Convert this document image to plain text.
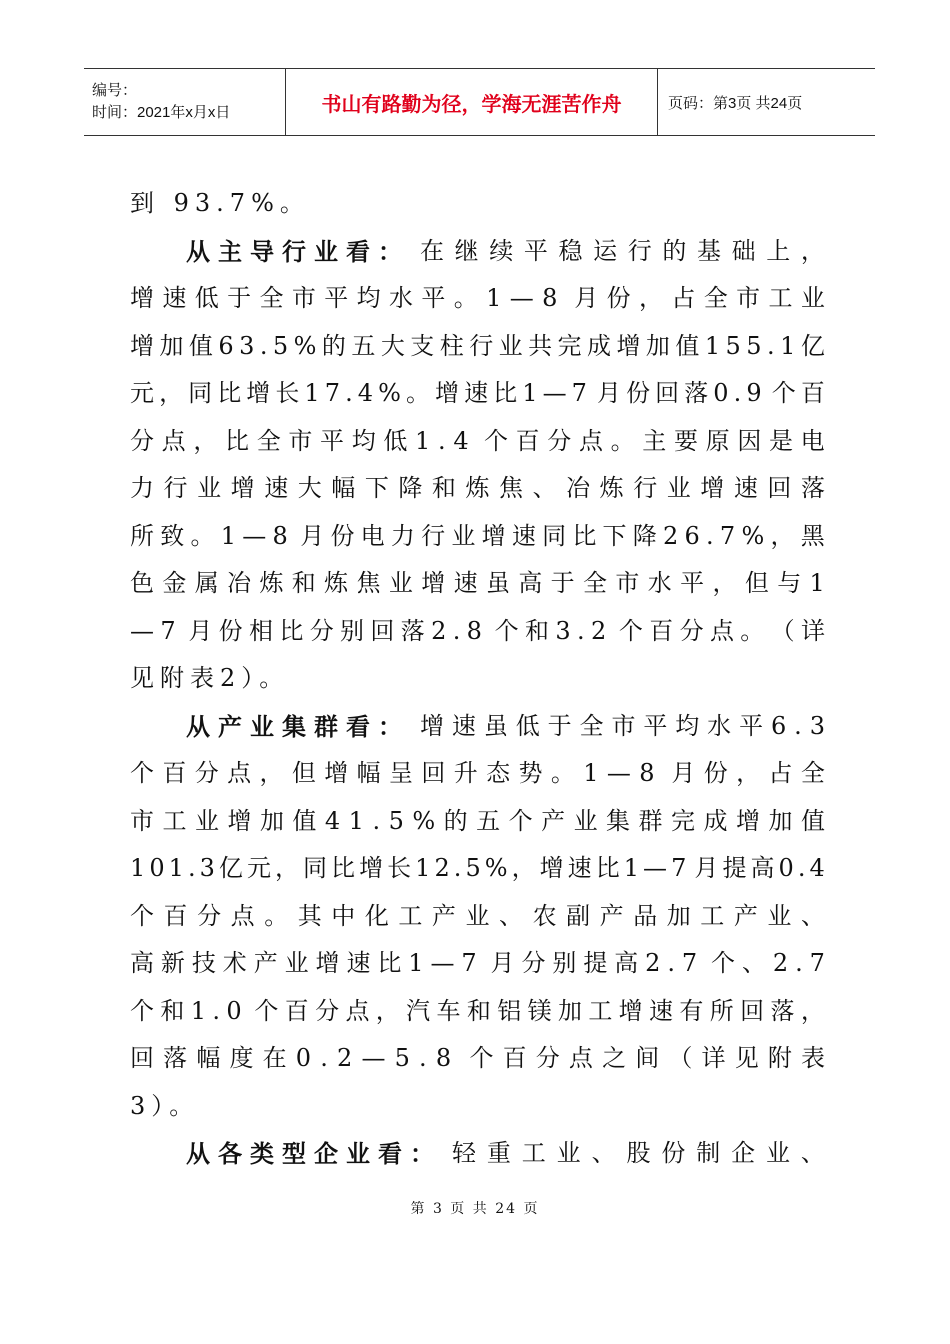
编号：
时间：2021年x月x日	书山有路勤为径，学海无涯苦作舟	页码：第3页 共24页
到 93.7%。
从主导行业看： 在 继 续 平 稳 运 行 的 基 础 上 ，
增 速 低 于 全 市 平 均 水 平 。 1 — 8 月 份 ， 占 全 市 工 业
增 加 值 6 3 . 5 % 的 五 大 支 柱 行 业 共 完 成 增 加 值 1 5 5 . 1 亿
元 ， 同 比 增 长 1 7 . 4 % 。 增 速 比 1 — 7 月 份 回 落 0 . 9 个 百
分 点 ， 比 全 市 平 均 低 1 . 4 个 百 分 点 。 主 要 原 因 是 电
力 行 业 增 速 大 幅 下 降 和 炼 焦 、 冶 炼 行 业 增 速 回 落
所 致 。 1 — 8 月 份 电 力 行 业 增 速 同 比 下 降 2 6 . 7 % ， 黑
色 金 属 冶 炼 和 炼 焦 业 增 速 虽 高 于 全 市 水 平 ， 但 与 1
— 7 月 份 相 比 分 别 回 落 2 . 8 个 和 3 . 2 个 百 分 点 。 （ 详
见附表2）。
从产业集群看： 增 速 虽 低 于 全 市 平 均 水 平 6 . 3
个 百 分 点 ， 但 增 幅 呈 回 升 态 势 。 1 — 8 月 份 ， 占 全
市 工 业 增 加 值 4 1 . 5 % 的 五 个 产 业 集 群 完 成 增 加 值
1 0 1 . 3 亿 元 ， 同 比 增 长 1 2 . 5 % ， 增 速 比 1 — 7 月 提 高 0 . 4
个 百 分 点 。 其 中 化 工 产 业 、 农 副 产 品 加 工 产 业 、
高 新 技 术 产 业 增 速 比 1 — 7 月 分 别 提 高 2 . 7 个 、 2 . 7
个 和 1 . 0 个 百 分 点 ， 汽 车 和 铝 镁 加 工 增 速 有 所 回 落 ，
回 落 幅 度 在 0 . 2 — 5 . 8 个 百 分 点 之 间 （ 详 见 附 表
3）。
从各类型企业看： 轻 重 工 业 、 股 份 制 企 业 、
第 3 页 共 24 页
